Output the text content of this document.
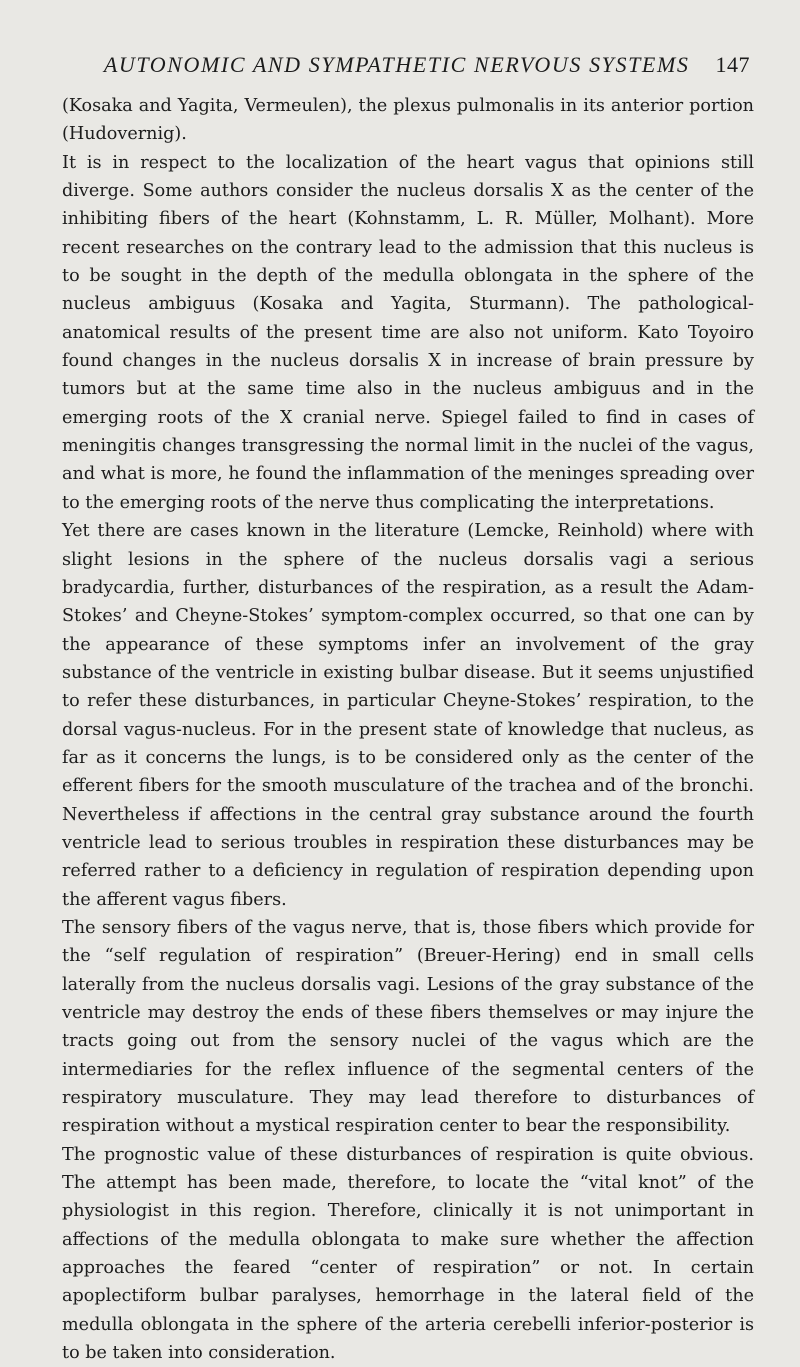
AUTONOMIC AND SYMPATHETIC NERVOUS SYSTEMS 147

(Kosaka and Yagita, Vermeulen), the plexus pulmonalis in its anterior portion (Hudovernig).

It is in respect to the localization of the heart vagus that opinions still diverge. Some authors consider the nucleus dorsalis X as the center of the inhibiting fibers of the heart (Kohnstamm, L. R. Müller, Molhant). More recent researches on the contrary lead to the admission that this nucleus is to be sought in the depth of the medulla oblongata in the sphere of the nucleus ambiguus (Kosaka and Yagita, Sturmann). The pathological-anatomical results of the present time are also not uniform. Kato Toyoiro found changes in the nucleus dorsalis X in increase of brain pressure by tumors but at the same time also in the nucleus ambiguus and in the emerging roots of the X cranial nerve. Spiegel failed to find in cases of meningitis changes transgressing the normal limit in the nuclei of the vagus, and what is more, he found the inflammation of the meninges spreading over to the emerging roots of the nerve thus complicating the interpretations.

Yet there are cases known in the literature (Lemcke, Reinhold) where with slight lesions in the sphere of the nucleus dorsalis vagi a serious bradycardia, further, disturbances of the respiration, as a result the Adam-Stokes’ and Cheyne-Stokes’ symptom-complex occurred, so that one can by the appearance of these symptoms infer an involvement of the gray substance of the ventricle in existing bulbar disease. But it seems unjustified to refer these disturbances, in particular Cheyne-Stokes’ respiration, to the dorsal vagus-nucleus. For in the present state of knowledge that nucleus, as far as it concerns the lungs, is to be considered only as the center of the efferent fibers for the smooth musculature of the trachea and of the bronchi. Nevertheless if affections in the central gray substance around the fourth ventricle lead to serious troubles in respiration these disturbances may be referred rather to a deficiency in regulation of respiration depending upon the afferent vagus fibers.

The sensory fibers of the vagus nerve, that is, those fibers which provide for the “self regulation of respiration” (Breuer-Hering) end in small cells laterally from the nucleus dorsalis vagi. Lesions of the gray substance of the ventricle may destroy the ends of these fibers themselves or may injure the tracts going out from the sensory nuclei of the vagus which are the intermediaries for the reflex influence of the segmental centers of the respiratory musculature. They may lead therefore to disturbances of respiration without a mystical respiration center to bear the responsibility.

The prognostic value of these disturbances of respiration is quite obvious. The attempt has been made, therefore, to locate the “vital knot” of the physiologist in this region. Therefore, clinically it is not unimportant in affections of the medulla oblongata to make sure whether the affection approaches the feared “center of respiration” or not. In certain apoplectiform bulbar paralyses, hemorrhage in the lateral field of the medulla oblongata in the sphere of the arteria cerebelli inferior-posterior is to be taken into consideration.
